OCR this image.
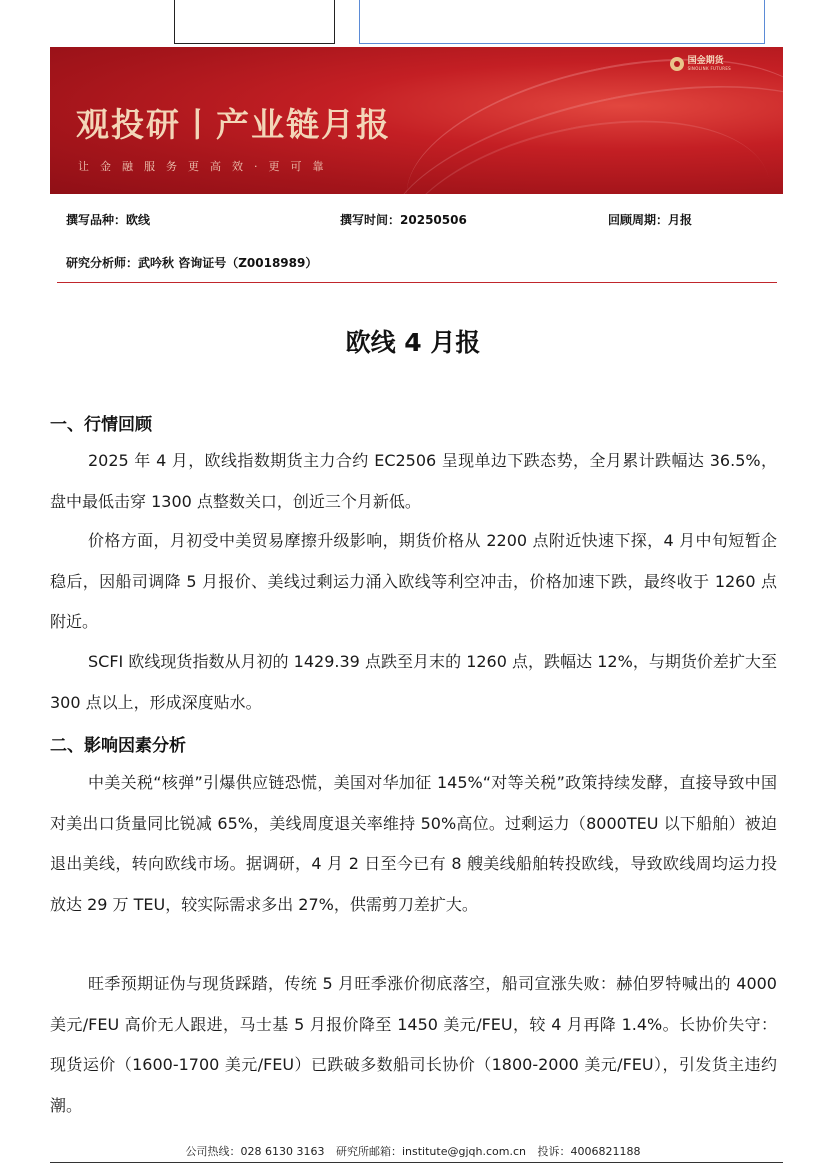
国金期货
SINOLINK FUTURES
观投研丨产业链月报
让金融服务更高效·更可靠
撰写品种：欧线	撰写时间：20250506	回顾周期：月报
研究分析师：武吟秋 咨询证号（Z0018989）
欧线 4 月报
一、行情回顾

2025 年 4 月，欧线指数期货主力合约 EC2506 呈现单边下跌态势，全月累计跌幅达 36.5%，盘中最低击穿 1300 点整数关口，创近三个月新低。

价格方面，月初受中美贸易摩擦升级影响，期货价格从 2200 点附近快速下探，4 月中旬短暂企稳后，因船司调降 5 月报价、美线过剩运力涌入欧线等利空冲击，价格加速下跌，最终收于 1260 点附近。

SCFI 欧线现货指数从月初的 1429.39 点跌至月末的 1260 点，跌幅达 12%，与期货价差扩大至 300 点以上，形成深度贴水。

二、影响因素分析

中美关税“核弹”引爆供应链恐慌，美国对华加征 145%“对等关税”政策持续发酵，直接导致中国对美出口货量同比锐减 65%，美线周度退关率维持 50%高位。过剩运力（8000TEU 以下船舶）被迫退出美线，转向欧线市场。据调研，4 月 2 日至今已有 8 艘美线船舶转投欧线，导致欧线周均运力投放达 29 万 TEU，较实际需求多出 27%，供需剪刀差扩大。

旺季预期证伪与现货踩踏，传统 5 月旺季涨价彻底落空，船司宣涨失败：赫伯罗特喊出的 4000 美元/FEU 高价无人跟进，马士基 5 月报价降至 1450 美元/FEU，较 4 月再降 1.4%。长协价失守：现货运价（1600-1700 美元/FEU）已跌破多数船司长协价（1800-2000 美元/FEU），引发货主违约潮。

公司热线：028 6130 3163 研究所邮箱：institute@gjqh.com.cn 投诉：4006821188
